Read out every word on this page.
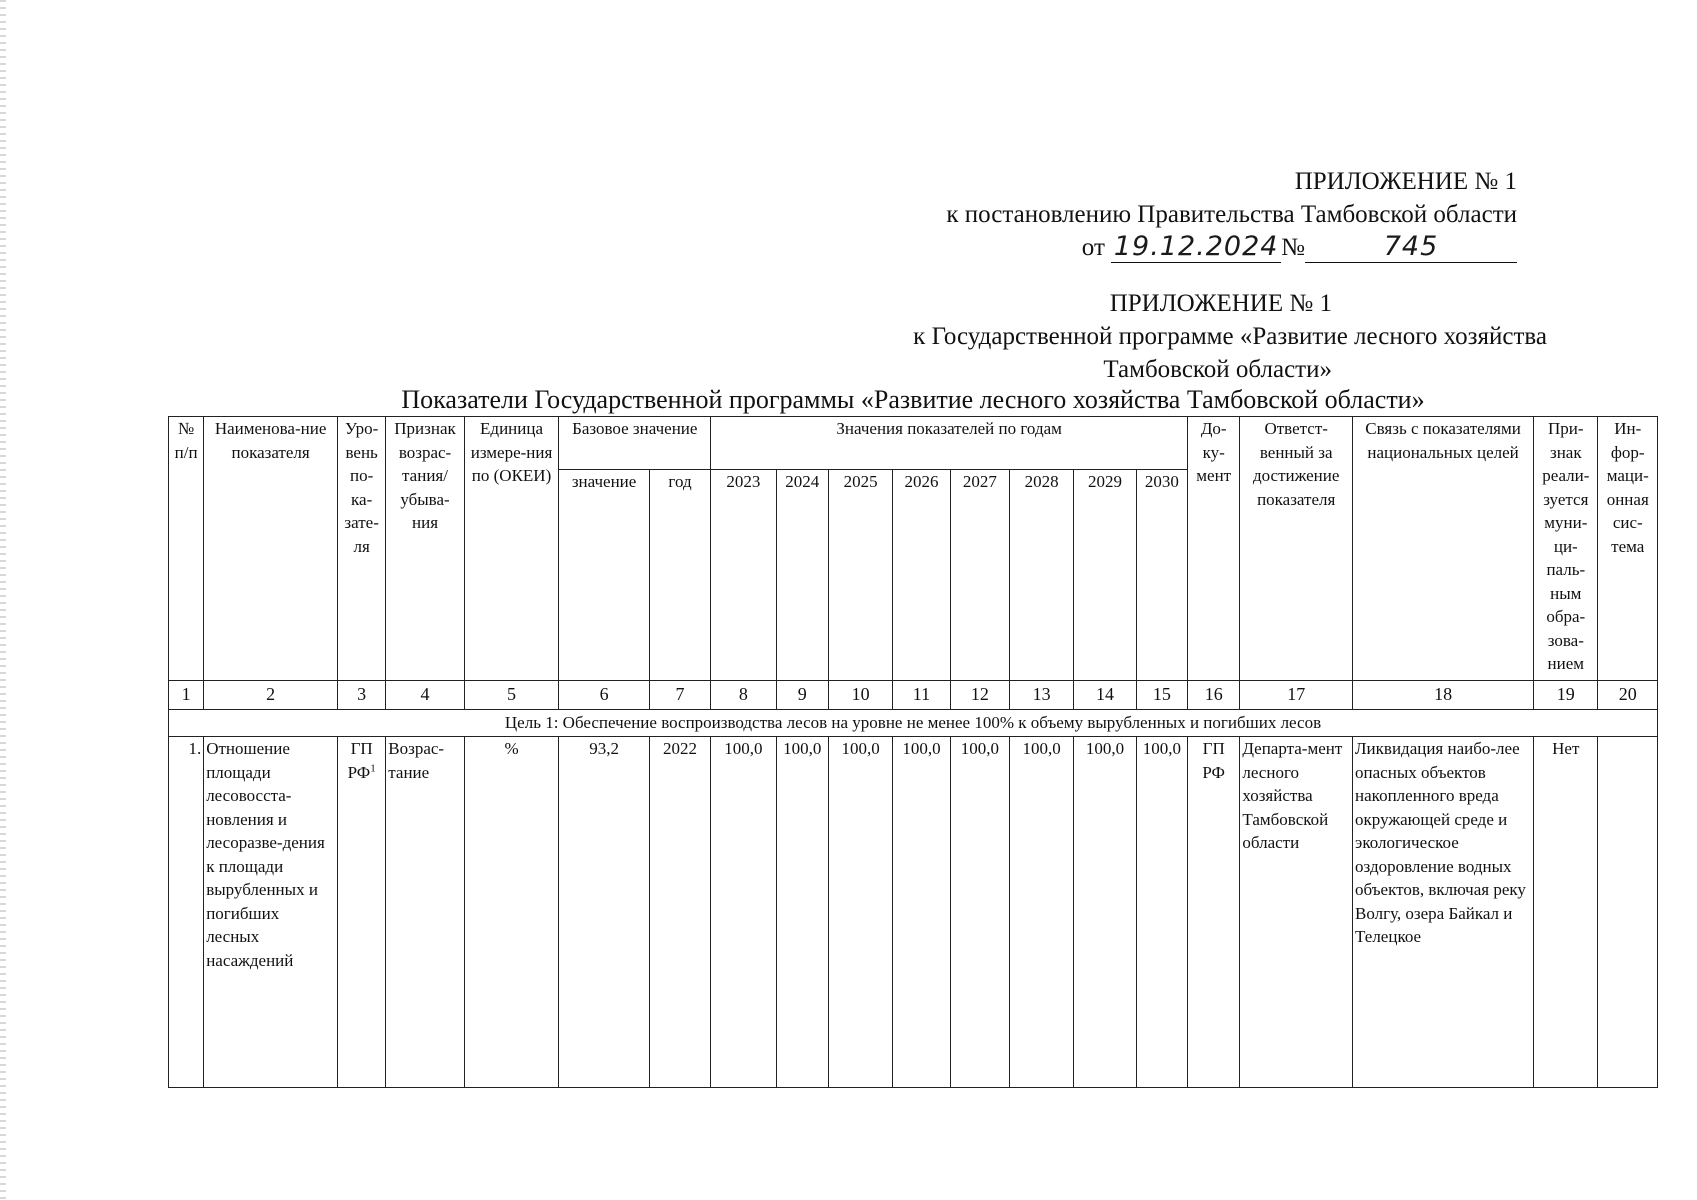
ПРИЛОЖЕНИЕ № 1
к постановлению Правительства Тамбовской области
от 19.12.2024 №	745
ПРИЛОЖЕНИЕ № 1
к Государственной программе «Развитие лесного хозяйства
Тамбовской области»
Показатели Государственной программы «Развитие лесного хозяйства Тамбовской области»
№ п/п	Наименова-ние показателя	Уро-вень по-ка-зате-ля	Признак возрас-тания/ убыва-ния	Единица измере-ния по (ОКЕИ)	Базовое значение		Значения показателей по годам								До-ку-мент	Ответст-венный за достижение показателя	Связь с показателями национальных целей	При-знак реали-зуется муни-ци-паль-ным обра-зова-нием	Ин-фор-маци-онная сис-тема
					значение	год	2023	2024	2025	2026	2027	2028	2029	2030					
1	2	3	4	5	6	7	8	9	10	11	12	13	14	15	16	17	18	19	20
Цель 1: Обеспечение воспроизводства лесов на уровне не менее 100% к объему вырубленных и погибших лесов																			
1.	Отношение площади лесовосста-новления и лесоразве-дения к площади вырубленных и погибших лесных насаждений	ГП $РФ^1$	Возрас-тание	%	93,2	2022	100,0	100,0	100,0	100,0	100,0	100,0	100,0	100,0	ГП РФ	Департа-мент лесного хозяйства Тамбовской области	Ликвидация наибо-лее опасных объектов накопленного вреда окружающей среде и экологическое оздоровление водных объектов, включая реку Волгу, озера Байкал и Телецкое	Нет	
